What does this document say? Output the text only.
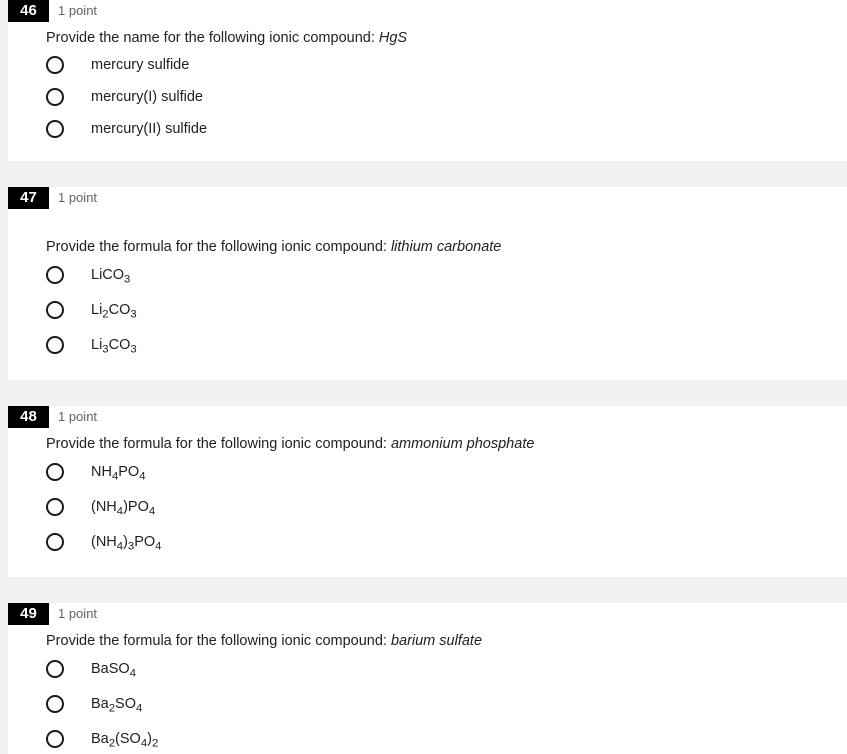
46	1 point
Provide the name for the following ionic compound: HgS
mercury sulfide
mercury(I) sulfide
mercury(II) sulfide
47	1 point
Provide the formula for the following ionic compound: lithium carbonate
LiCO$_3$
$Li_2CO_3$
$Li_3CO_3$
48	1 point
Provide the formula for the following ionic compound: ammonium phosphate
$NH_4PO_4$
$(NH_4)PO_4$
$(NH_4)_3PO_4$
49	1 point
Provide the formula for the following ionic compound: barium sulfate
BaSO$_4$
$Ba_2SO_4$
$Ba_2(SO_4)_2$
